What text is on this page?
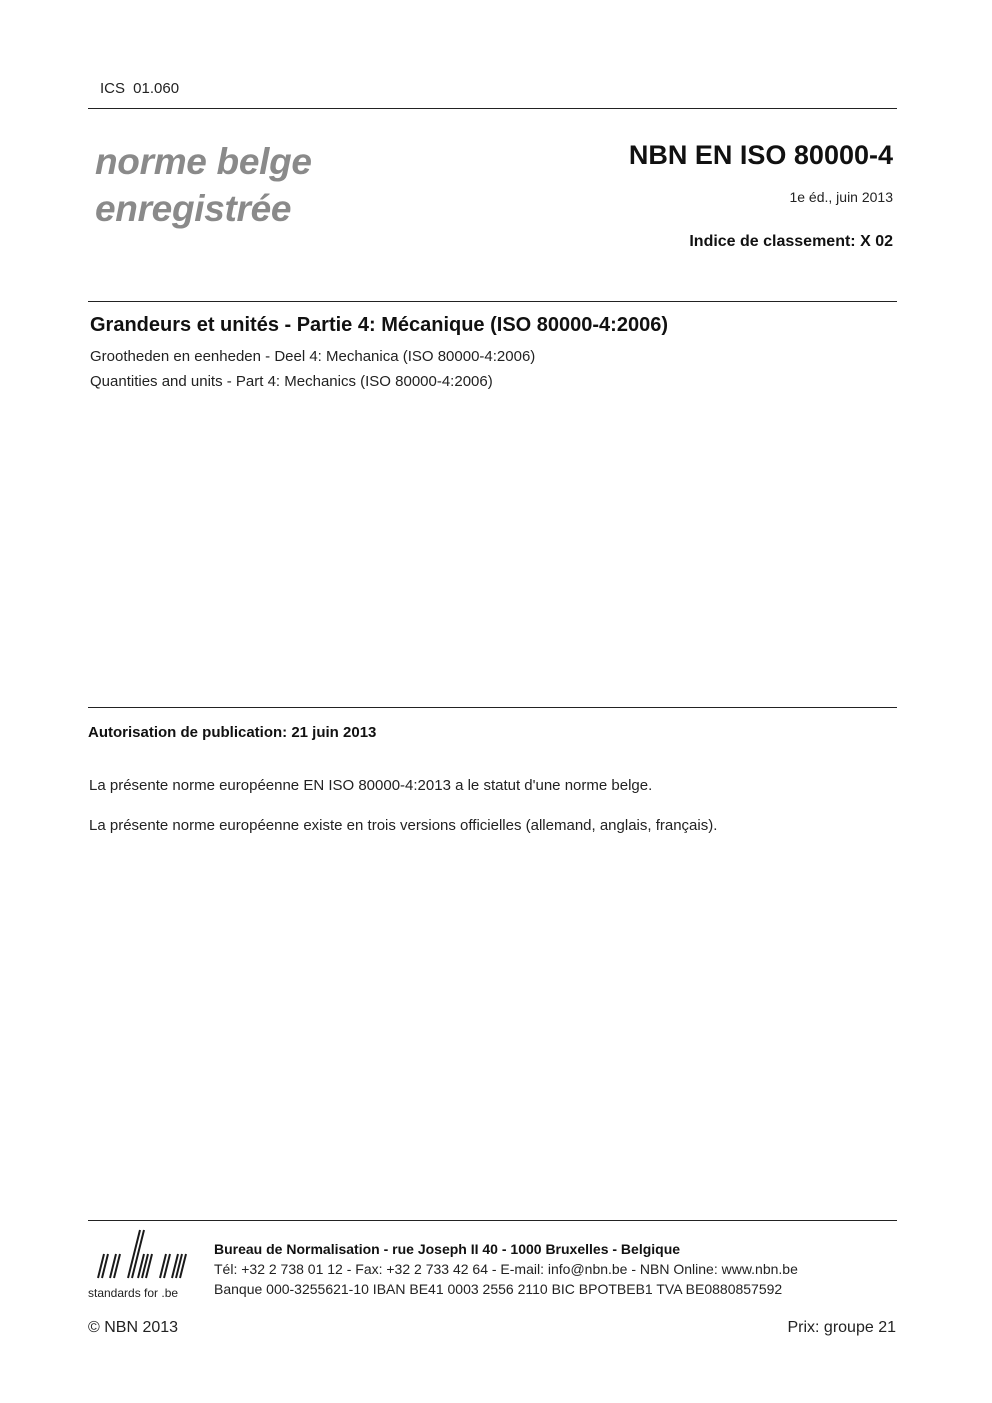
ICS 01.060
norme belge
enregistrée
NBN EN ISO 80000-4
1e éd., juin 2013
Indice de classement: X 02
Grandeurs et unités - Partie 4: Mécanique (ISO 80000-4:2006)
Grootheden en eenheden - Deel 4: Mechanica (ISO 80000-4:2006)
Quantities and units - Part 4: Mechanics (ISO 80000-4:2006)
Autorisation de publication: 21 juin 2013
La présente norme européenne EN ISO 80000-4:2013 a le statut d'une norme belge.
La présente norme européenne existe en trois versions officielles (allemand, anglais, français).
standards for .be
Bureau de Normalisation - rue Joseph II 40 - 1000 Bruxelles - Belgique
Tél: +32 2 738 01 12 - Fax: +32 2 733 42 64 - E-mail: info@nbn.be - NBN Online: www.nbn.be
Banque 000-3255621-10 IBAN BE41 0003 2556 2110 BIC BPOTBEB1 TVA BE0880857592
© NBN 2013	Prix: groupe 21
